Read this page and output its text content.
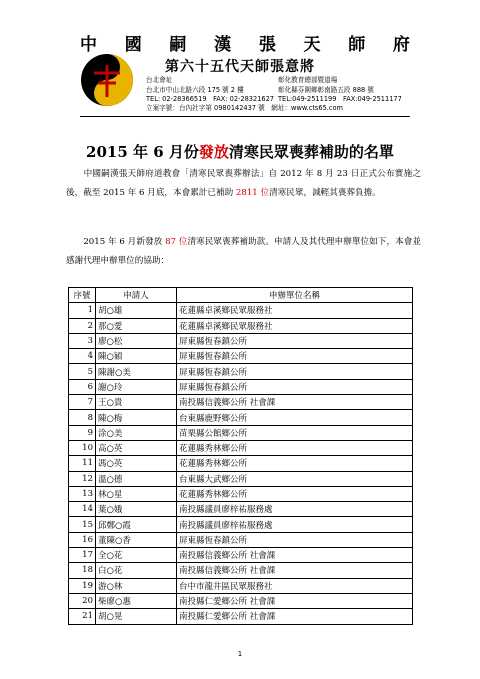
中 國 嗣 漢 張 天 師 府
第六十五代天師張意將
台北會址
台北市中山北路六段 175 號 2 樓
TEL: 02-28366519　FAX: 02-28321627
彰化教育總部暨道場
彰化縣芬園鄉彰南路五段 888 號
TEL:049-2511199　FAX:049-2511177
立案字號：台內社字第 0980142437 號　網址：www.cts65.com
2015 年 6 月份發放清寒民眾喪葬補助的名單
　　中國嗣漢張天師府道教會「清寒民眾喪葬辦法」自 2012 年 8 月 23 日正式公布實施之後，截至 2015 年 6 月底，本會累計已補助 2811 位清寒民眾，減輕其喪葬負擔。
　　2015 年 6 月新發放 87 位清寒民眾喪葬補助款。申請人及其代理申辦單位如下，本會並感謝代理申辦單位的協助：
序號	申請人	申辦單位名稱
1	胡○雄	花蓮縣卓溪鄉民眾服務社
2	那○愛	花蓮縣卓溪鄉民眾服務社
3	廖○松	屏東縣恆春鎮公所
4	陳○穎	屏東縣恆春鎮公所
5	陳謝○美	屏東縣恆春鎮公所
6	謝○玲	屏東縣恆春鎮公所
7	王○貴	南投縣信義鄉公所 社會課
8	陳○梅	台東縣鹿野鄉公所
9	涂○美	苗栗縣公館鄉公所
10	高○英	花蓮縣秀林鄉公所
11	馮○英	花蓮縣秀林鄉公所
12	溫○德	台東縣大武鄉公所
13	林○星	花蓮縣秀林鄉公所
14	葉○娥	南投縣議員廖梓祐服務處
15	邱鄭○霞	南投縣議員廖梓祐服務處
16	董陳○香	屏東縣恆春鎮公所
17	全○花	南投縣信義鄉公所 社會課
18	白○花	南投縣信義鄉公所 社會課
19	游○林	台中市龍井區民眾服務社
20	柴廖○惠	南投縣仁愛鄉公所 社會課
21	胡○晃	南投縣仁愛鄉公所 社會課
1
